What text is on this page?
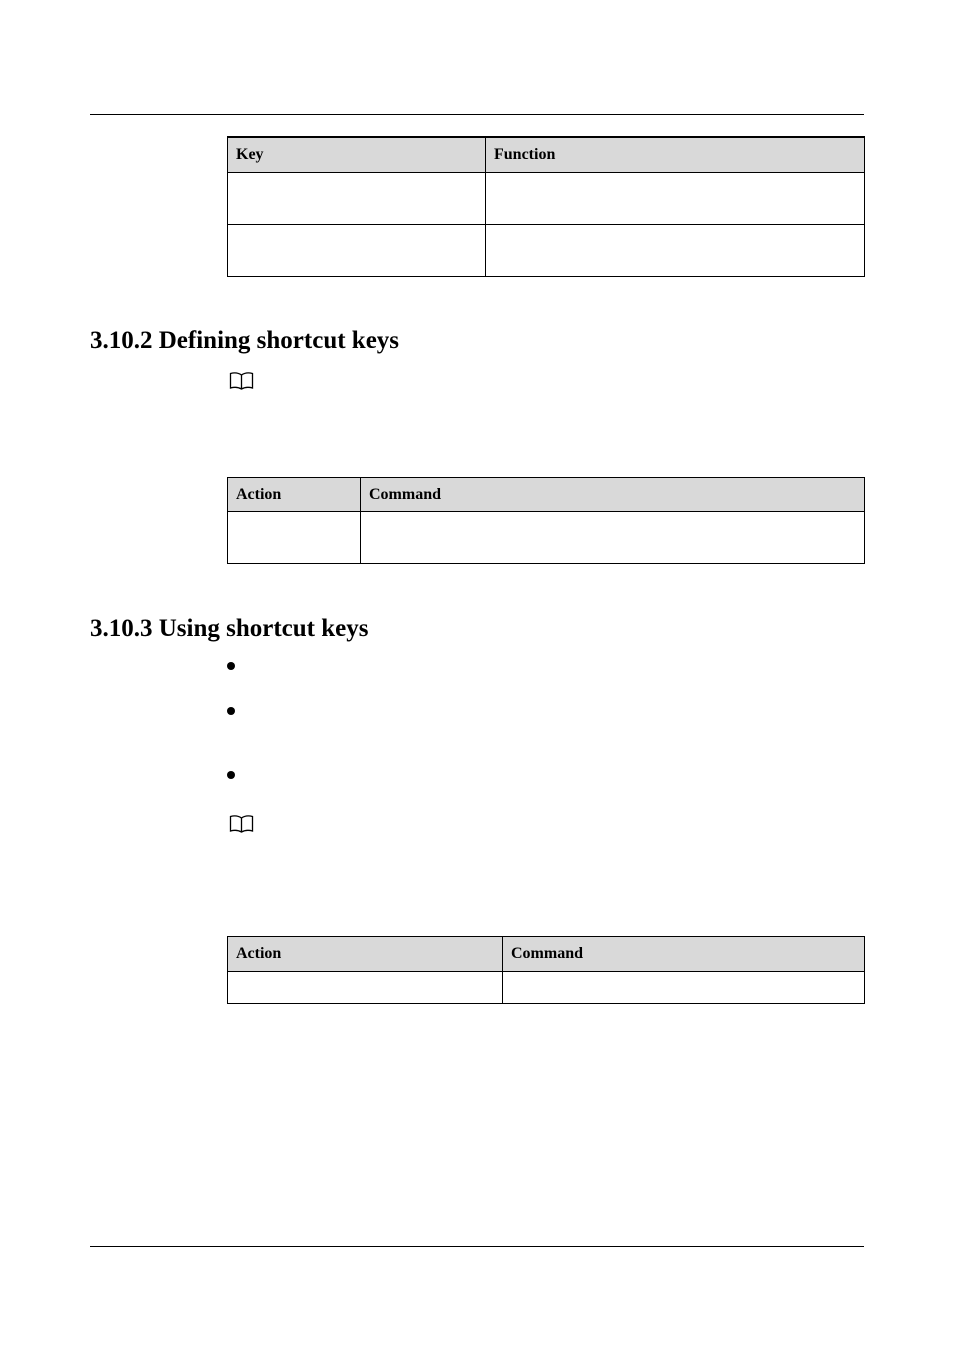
Key	Function

3.10.2 Defining shortcut keys
Action	Command

3.10.3 Using shortcut keys
Action	Command
